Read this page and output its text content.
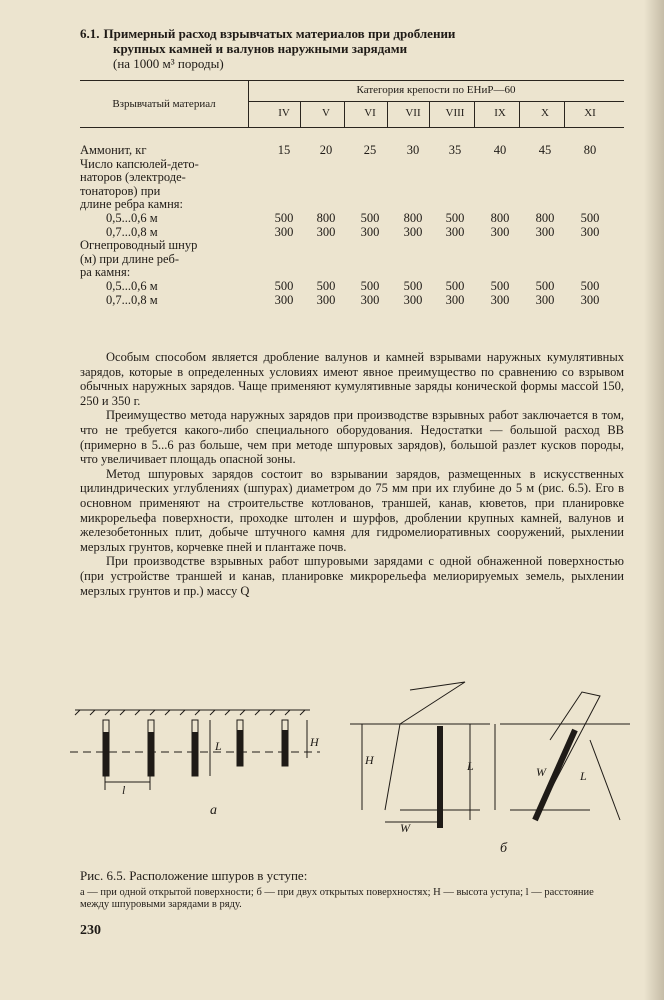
6.1. Примерный расход взрывчатых материалов при дроблении
крупных камней и валунов наружными зарядами
(на 1000 м³ породы)
Взрывчатый материал
Категория крепости по ЕНиР—60
IV	V	VI	VII	VIII	IX	X	XI
Аммонит, кг	15	20	25	30	35	40	45	80
Число капсюлей-дето-
наторов (электроде-
тонаторов) при
длине ребра камня:
0,5...0,6 м	500	800	500	800	500	800	800	500
0,7...0,8 м	300	300	300	300	300	300	300	300
Огнепроводный шнур
(м) при длине реб-
ра камня:
0,5...0,6 м	500	500	500	500	500	500	500	500
0,7...0,8 м	300	300	300	300	300	300	300	300

Особым способом является дробление валунов и камней взрывами наружных кумулятивных зарядов, которые в определенных условиях имеют явное преимущество по сравнению со взрывом обычных наружных зарядов. Чаще применяют кумулятивные заряды конической формы массой 150, 250 и 350 г.

Преимущество метода наружных зарядов при производстве взрывных работ заключается в том, что не требуется какого-либо специального оборудования. Недостатки — большой расход ВВ (примерно в 5...6 раз больше, чем при методе шпуровых зарядов), большой разлет кусков породы, что увеличивает площадь опасной зоны.

Метод шпуровых зарядов состоит во взрывании зарядов, размещенных в искусственных цилиндрических углублениях (шпурах) диаметром до 75 мм при их глубине до 5 м (рис. 6.5). Его в основном применяют на строительстве котлованов, траншей, канав, кюветов, при планировке микрорельефа поверхности, проходке штолен и шурфов, дроблении крупных камней, валунов и железобетонных плит, добыче штучного камня для гидромелиоративных сооружений, рыхлении мерзлых грунтов, корчевке пней и плантаже почв.

При производстве взрывных работ шпуровыми зарядами с одной обнаженной поверхностью (при устройстве траншей и канав, планировке микрорельефа мелиорируемых земель, рыхлении мерзлых грунтов и пр.) массу Q

l
L	H
а
H	L
W
W	L
б
Рис. 6.5. Расположение шпуров в уступе:
а — при одной открытой поверхности; б — при двух открытых поверхностях; H — высота уступа; l — расстояние между шпуровыми зарядами в ряду.
230
